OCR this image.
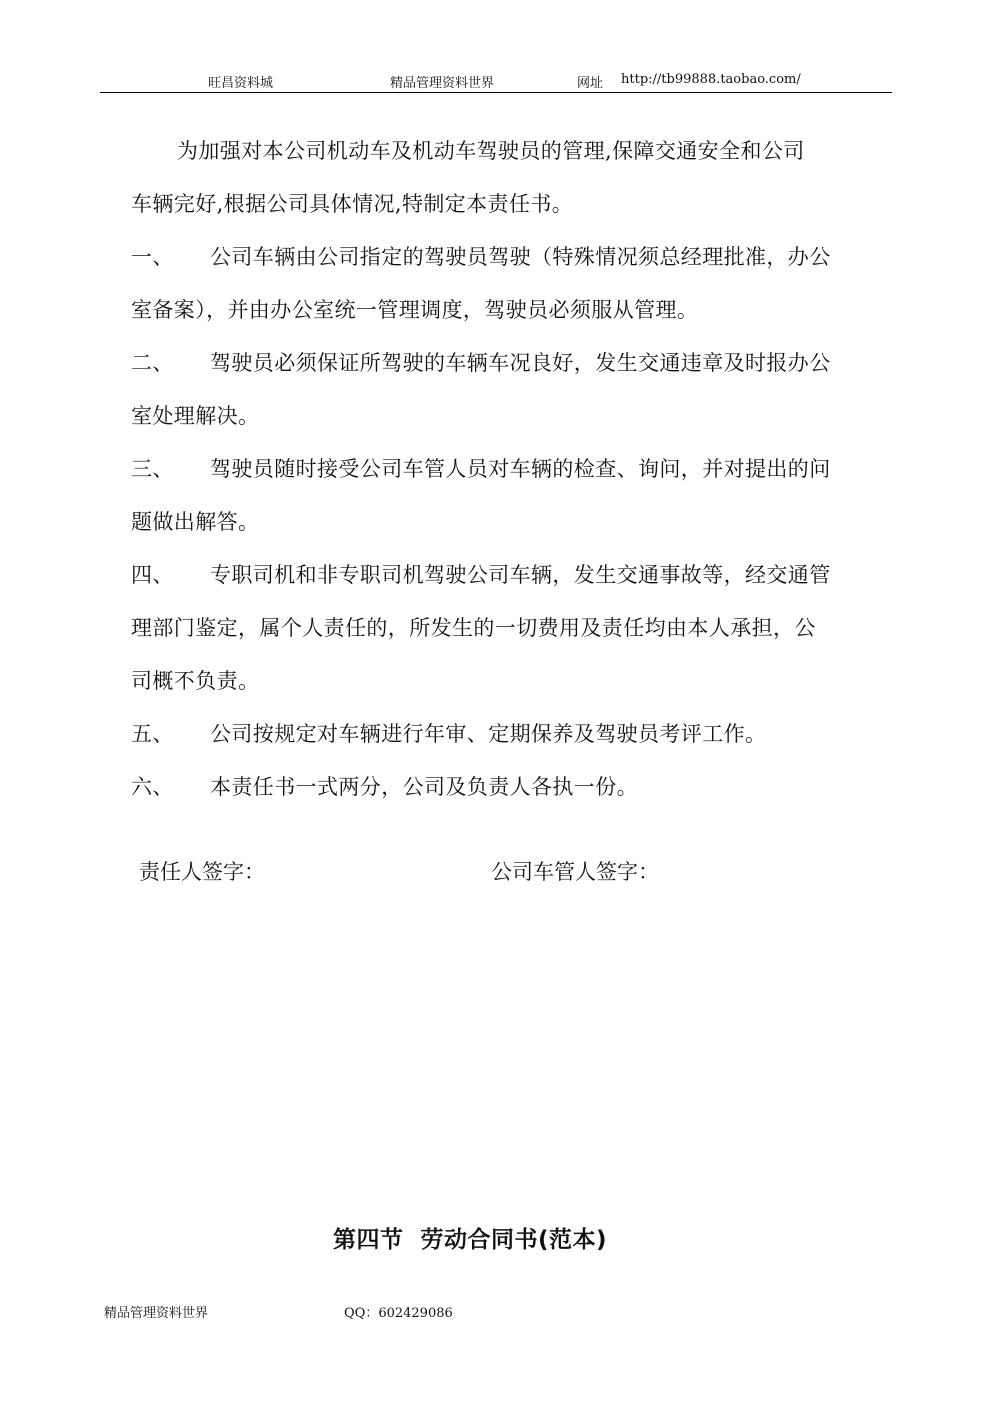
旺昌资料城	精品管理资料世界	网址 http://tb99888.taobao.com/

为加强对本公司机动车及机动车驾驶员的管理,保障交通安全和公司
车辆完好,根据公司具体情况,特制定本责任书。

一、 公司车辆由公司指定的驾驶员驾驶（特殊情况须总经理批准，办公
室备案），并由办公室统一管理调度，驾驶员必须服从管理。

二、 驾驶员必须保证所驾驶的车辆车况良好，发生交通违章及时报办公
室处理解决。

三、 驾驶员随时接受公司车管人员对车辆的检查、询问，并对提出的问
题做出解答。

四、 专职司机和非专职司机驾驶公司车辆，发生交通事故等，经交通管
理部门鉴定，属个人责任的，所发生的一切费用及责任均由本人承担，公
司概不负责。

五、 公司按规定对车辆进行年审、定期保养及驾驶员考评工作。

六、 本责任书一式两分，公司及负责人各执一份。

责任人签字：	公司车管人签字：
第四节  劳动合同书(范本)
精品管理资料世界	QQ：602429086
